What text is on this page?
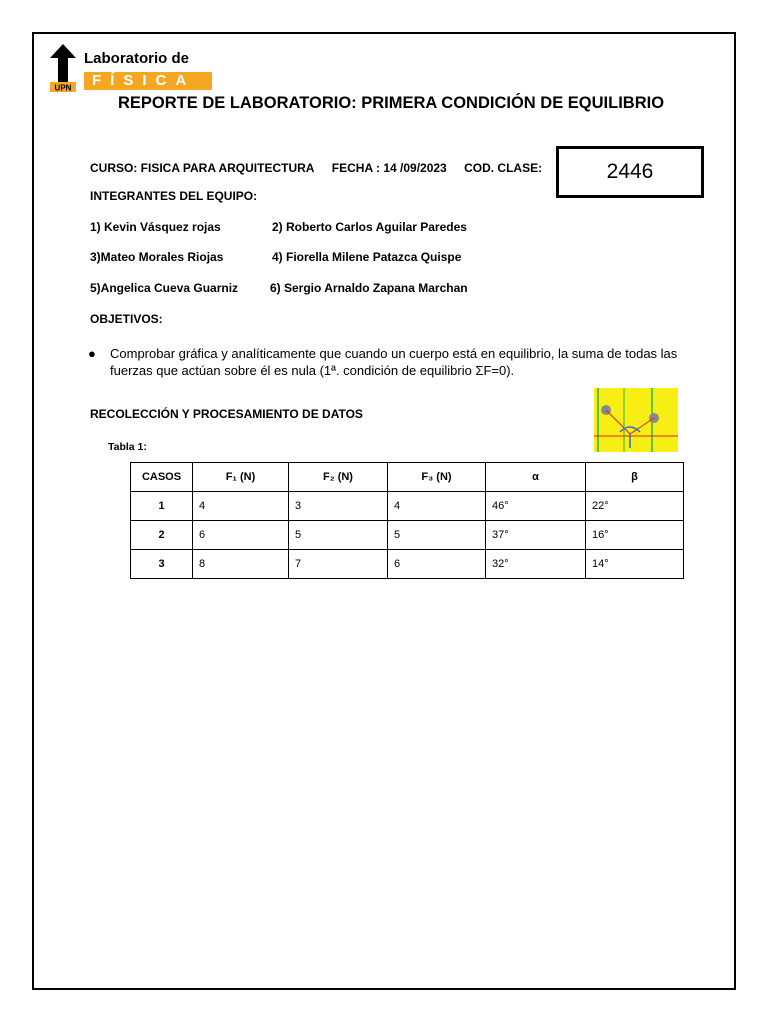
UPN
Laboratorio de
FÍSICA
REPORTE DE LABORATORIO: PRIMERA CONDICIÓN DE EQUILIBRIO
CURSO: FISICA PARA ARQUITECTURA FECHA : 14 /09/2023 COD. CLASE:	2446
INTEGRANTES DEL EQUIPO:
1) Kevin Vásquez rojas	2) Roberto Carlos Aguilar Paredes
3)Mateo Morales Riojas	4) Fiorella Milene Patazca Quispe
5)Angelica Cueva Guarniz	6) Sergio Arnaldo Zapana Marchan
OBJETIVOS:
● Comprobar gráfica y analíticamente que cuando un cuerpo está en equilibrio, la suma de todas las fuerzas que actúan sobre él es nula (1ª. condición de equilibrio ΣF=0).
RECOLECCIÓN Y PROCESAMIENTO DE DATOS
Tabla 1:
CASOS	F₁ (N)	F₂ (N)	F₃ (N)	α	β
1	4	3	4	46°	22°
2	6	5	5	37°	16°
3	8	7	6	32°	14°
